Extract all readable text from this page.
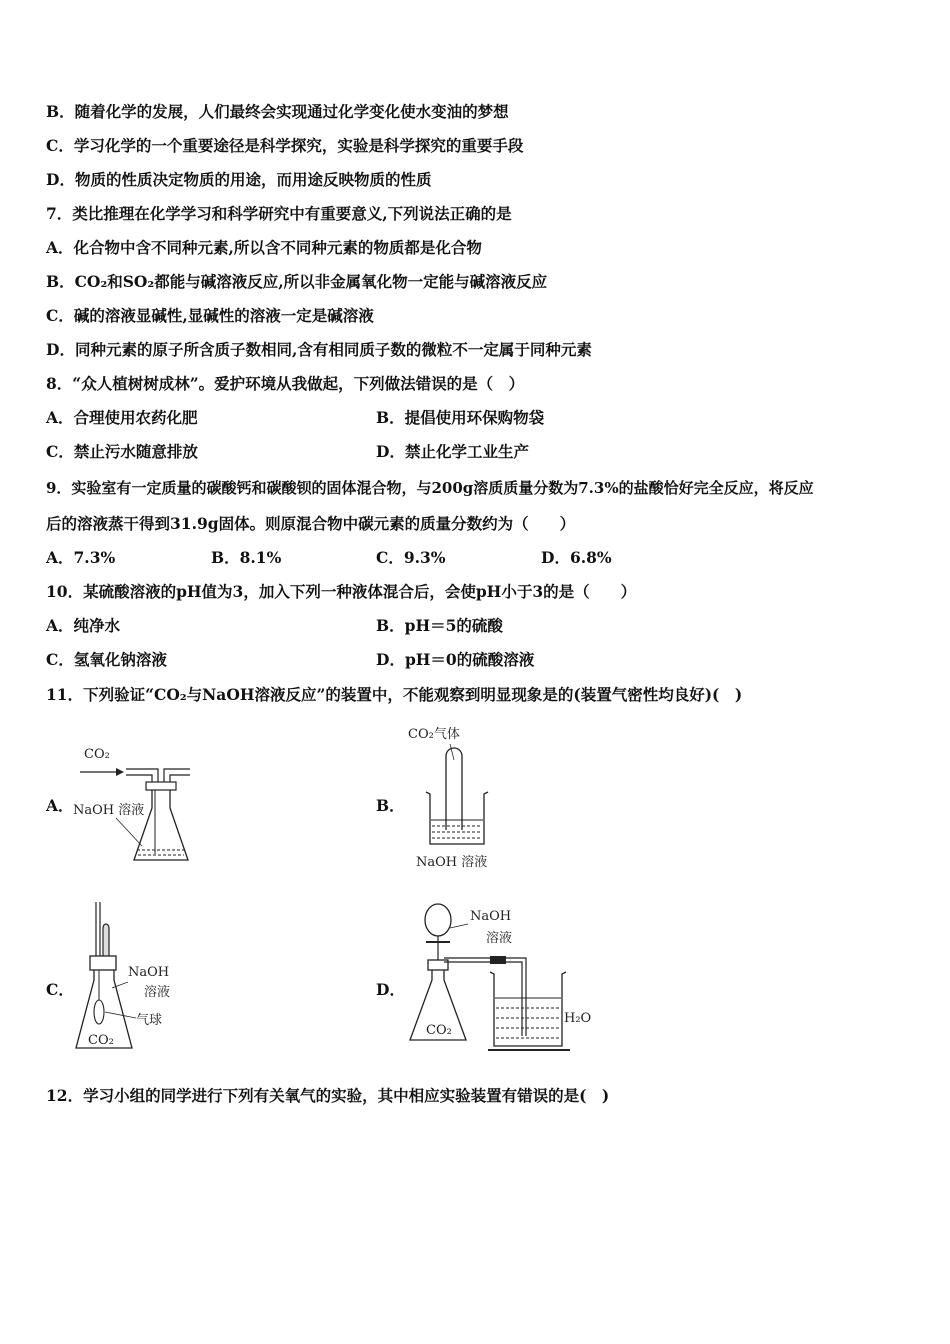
B．随着化学的发展，人们最终会实现通过化学变化使水变油的梦想
C．学习化学的一个重要途径是科学探究，实验是科学探究的重要手段
D．物质的性质决定物质的用途，而用途反映物质的性质
7．类比推理在化学学习和科学研究中有重要意义,下列说法正确的是
A．化合物中含不同种元素,所以含不同种元素的物质都是化合物
B．CO₂和SO₂都能与碱溶液反应,所以非金属氧化物一定能与碱溶液反应
C．碱的溶液显碱性,显碱性的溶液一定是碱溶液
D．同种元素的原子所含质子数相同,含有相同质子数的微粒不一定属于同种元素
8．“众人植树树成林”。爱护环境从我做起，下列做法错误的是（　）
A．合理使用农药化肥	B．提倡使用环保购物袋
C．禁止污水随意排放	D．禁止化学工业生产
9．实验室有一定质量的碳酸钙和碳酸钡的固体混合物，与200g溶质质量分数为7.3%的盐酸恰好完全反应，将反应
后的溶液蒸干得到31.9g固体。则原混合物中碳元素的质量分数约为（　　）
A．7.3%	B．8.1%	C．9.3%	D．6.8%
10．某硫酸溶液的pH值为3，加入下列一种液体混合后，会使pH小于3的是（　　）
A．纯净水	B．pH＝5的硫酸
C．氢氧化钠溶液	D．pH＝0的硫酸溶液
11．下列验证“CO₂与NaOH溶液反应”的装置中，不能观察到明显现象是的(装置气密性均良好)(　)
A．	B．
C．	D．
CO₂
NaOH 溶液
CO₂气体
NaOH 溶液
NaOH
溶液
气球
CO₂
CO₂
H₂O
NaOH
溶液
12．学习小组的同学进行下列有关氧气的实验，其中相应实验装置有错误的是(　)
